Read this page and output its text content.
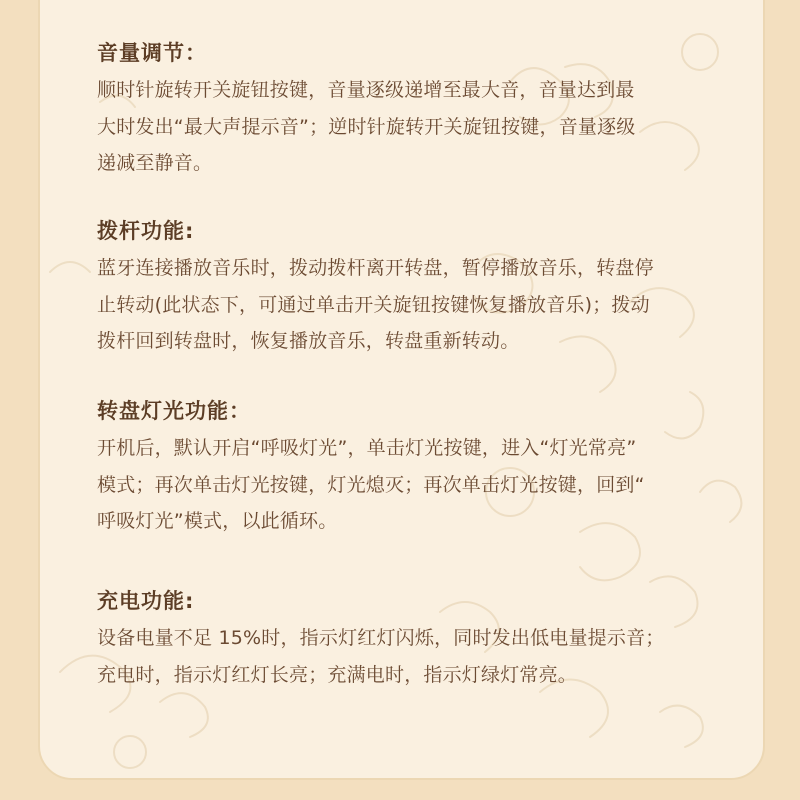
音量调节：
顺时针旋转开关旋钮按键，音量逐级递增至最大音，音量达到最
大时发出“最大声提示音”；逆时针旋转开关旋钮按键，音量逐级
递减至静音。
拨杆功能:
蓝牙连接播放音乐时，拨动拨杆离开转盘，暂停播放音乐，转盘停
止转动(此状态下，可通过单击开关旋钮按键恢复播放音乐)；拨动
拨杆回到转盘时，恢复播放音乐，转盘重新转动。
转盘灯光功能：
开机后，默认开启“呼吸灯光”，单击灯光按键，进入“灯光常亮”
模式；再次单击灯光按键，灯光熄灭；再次单击灯光按键，回到“
呼吸灯光”模式，以此循环。
充电功能:
设备电量不足 15%时，指示灯红灯闪烁，同时发出低电量提示音；
充电时，指示灯红灯长亮；充满电时，指示灯绿灯常亮。
